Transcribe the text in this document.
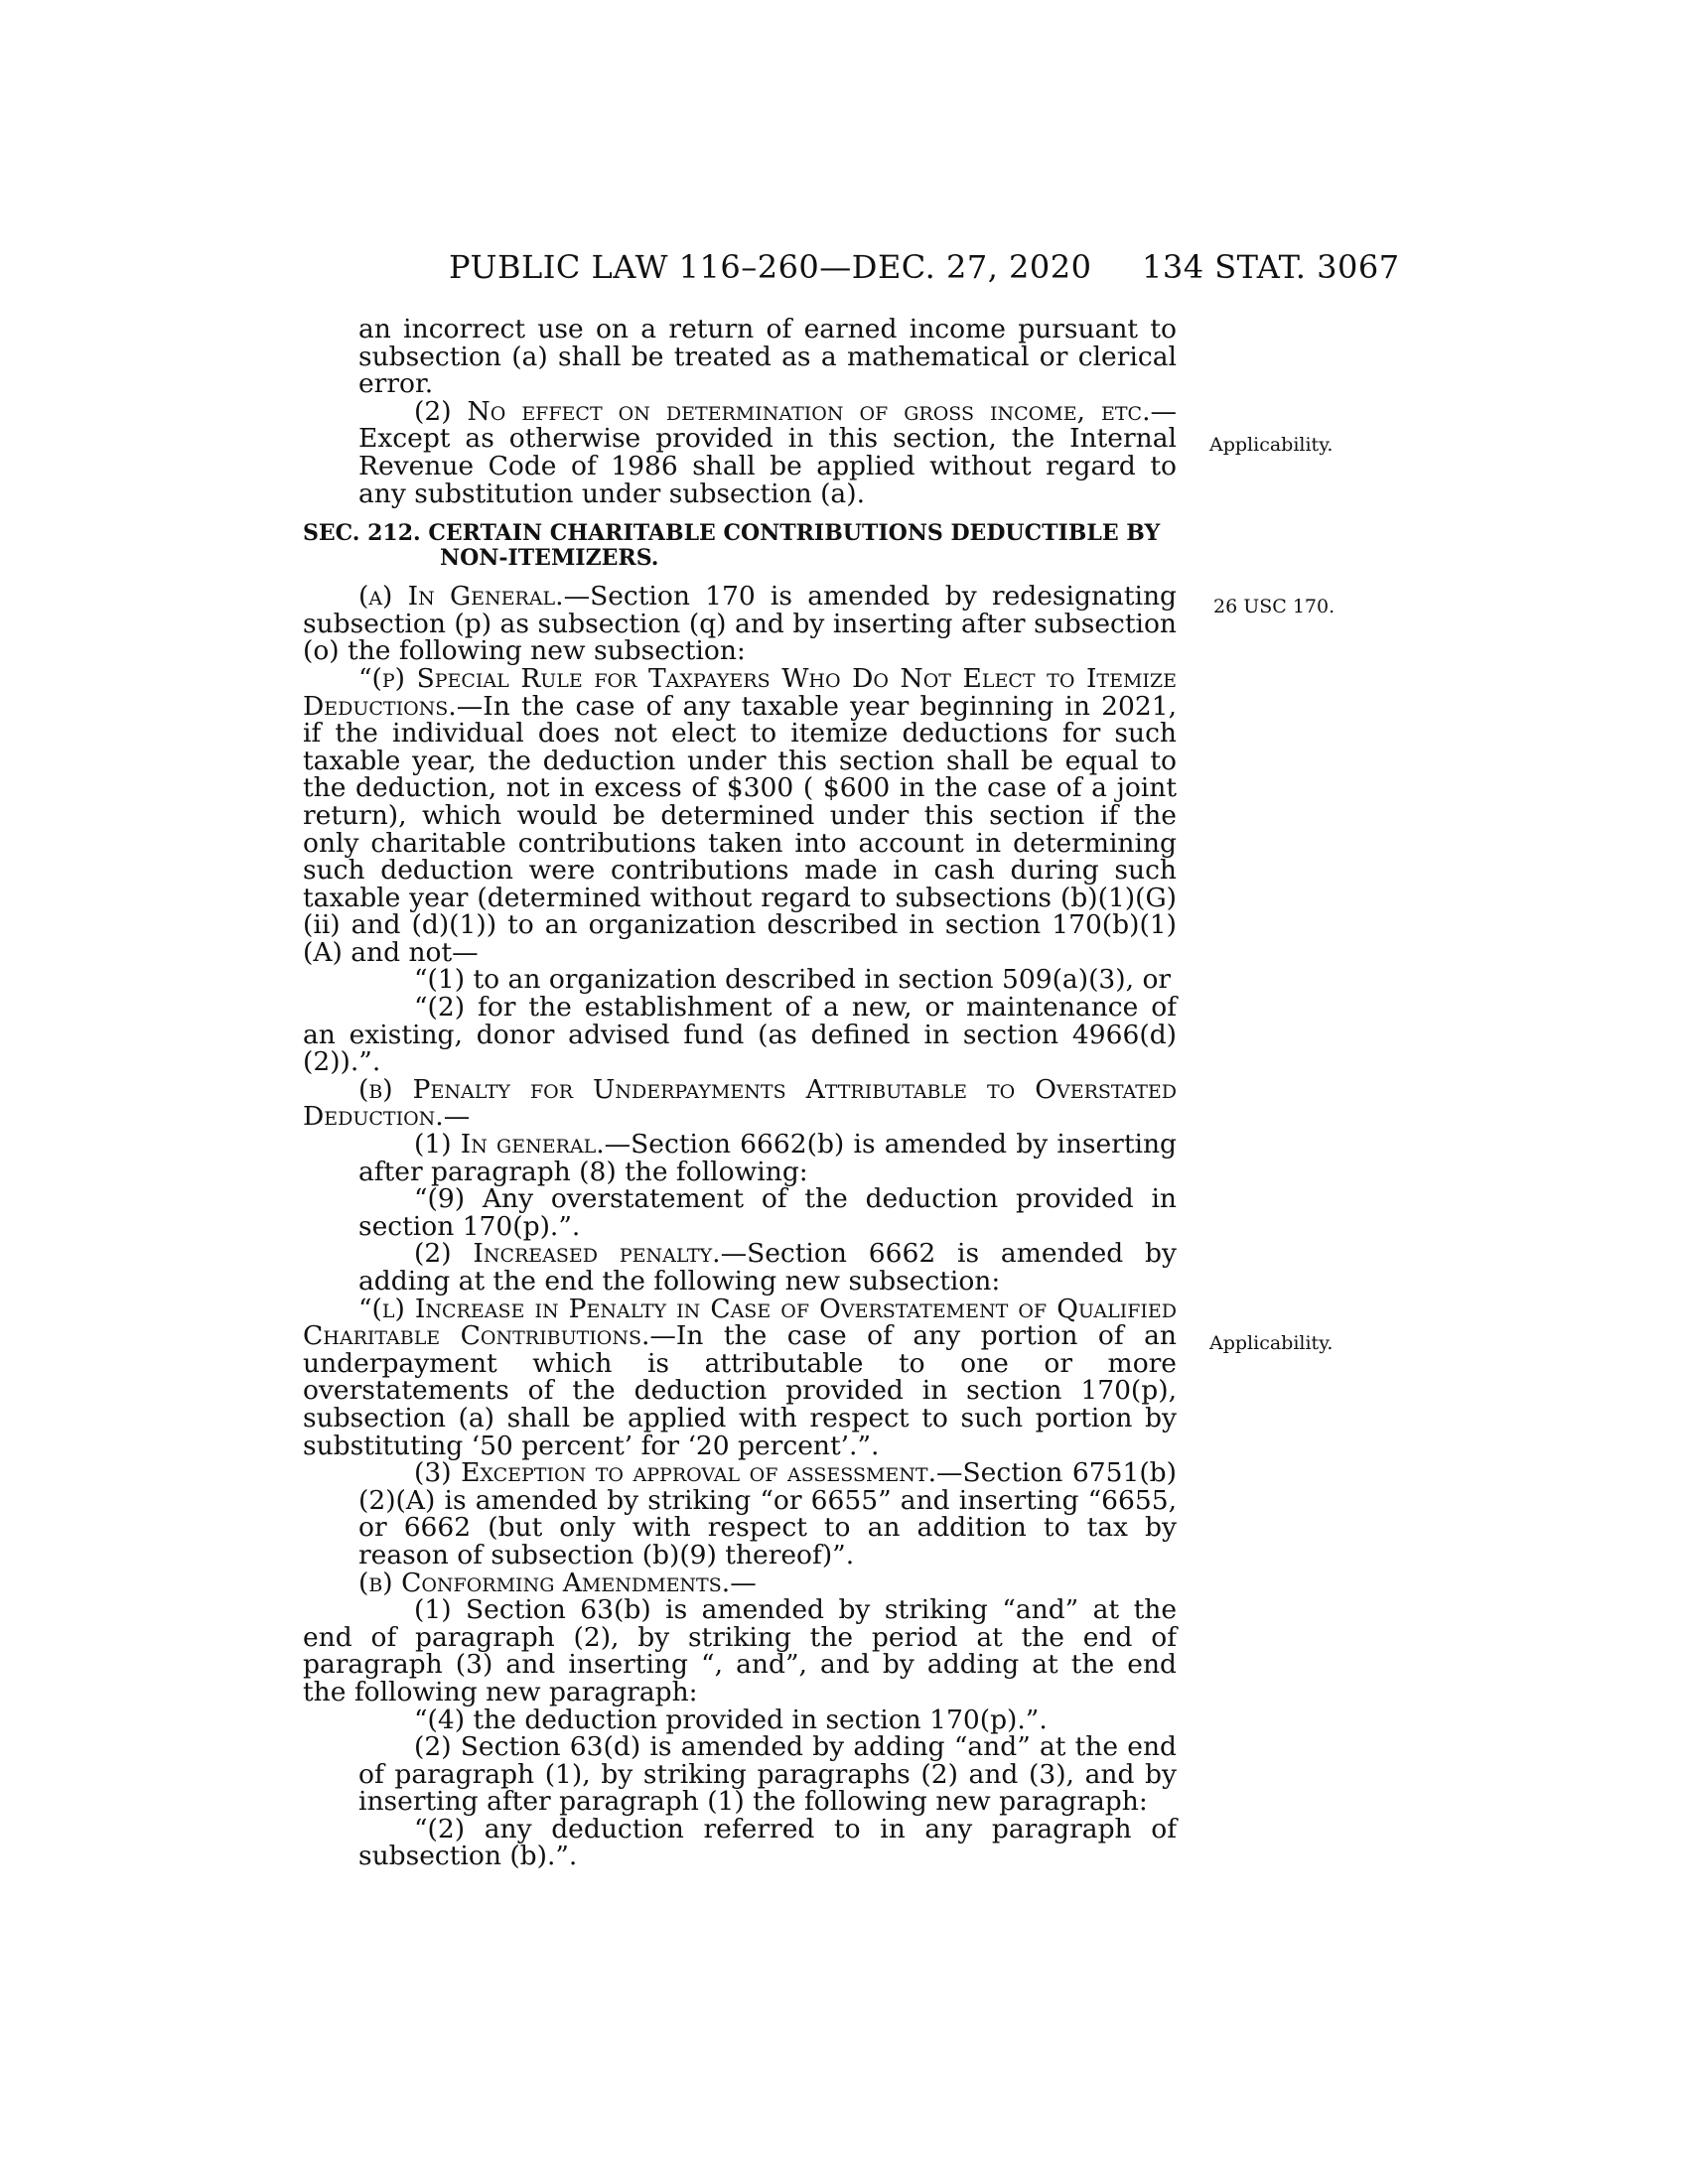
PUBLIC LAW 116–260—DEC. 27, 2020 134 STAT. 3067

an incorrect use on a return of earned income pursuant to subsection (a) shall be treated as a mathematical or clerical error.

(2) No effect on determination of gross income, etc.— Except as otherwise provided in this section, the Internal Revenue Code of 1986 shall be applied without regard to any substitution under subsection (a).

SEC. 212. CERTAIN CHARITABLE CONTRIBUTIONS DEDUCTIBLE BY
NON-ITEMIZERS.

(a) In General.—Section 170 is amended by redesignating subsection (p) as subsection (q) and by inserting after subsection (o) the following new subsection:

“(p) Special Rule for Taxpayers Who Do Not Elect to Itemize Deductions.—In the case of any taxable year beginning in 2021, if the individual does not elect to itemize deductions for such taxable year, the deduction under this section shall be equal to the deduction, not in excess of $300 ( $600 in the case of a joint return), which would be determined under this section if the only charitable contributions taken into account in determining such deduction were contributions made in cash during such taxable year (determined without regard to subsections (b)(1)(G)(ii) and (d)(1)) to an organization described in section 170(b)(1)(A) and not—

“(1) to an organization described in section 509(a)(3), or

“(2) for the establishment of a new, or maintenance of an existing, donor advised fund (as defined in section 4966(d)(2)).”.

(b) Penalty for Underpayments Attributable to Overstated Deduction.—

(1) In general.—Section 6662(b) is amended by inserting after paragraph (8) the following:

“(9) Any overstatement of the deduction provided in section 170(p).”.

(2) Increased penalty.—Section 6662 is amended by adding at the end the following new subsection:

“(l) Increase in Penalty in Case of Overstatement of Qualified Charitable Contributions.—In the case of any portion of an underpayment which is attributable to one or more overstatements of the deduction provided in section 170(p), subsection (a) shall be applied with respect to such portion by substituting ‘50 percent’ for ‘20 percent’.”.

(3) Exception to approval of assessment.—Section 6751(b)(2)(A) is amended by striking “or 6655” and inserting “6655, or 6662 (but only with respect to an addition to tax by reason of subsection (b)(9) thereof)”.

(b) Conforming Amendments.—

(1) Section 63(b) is amended by striking “and” at the end of paragraph (2), by striking the period at the end of paragraph (3) and inserting “, and”, and by adding at the end the following new paragraph:

“(4) the deduction provided in section 170(p).”.

(2) Section 63(d) is amended by adding “and” at the end of paragraph (1), by striking paragraphs (2) and (3), and by inserting after paragraph (1) the following new paragraph:

“(2) any deduction referred to in any paragraph of subsection (b).”.

Applicability.
26 USC 170.
Applicability.
